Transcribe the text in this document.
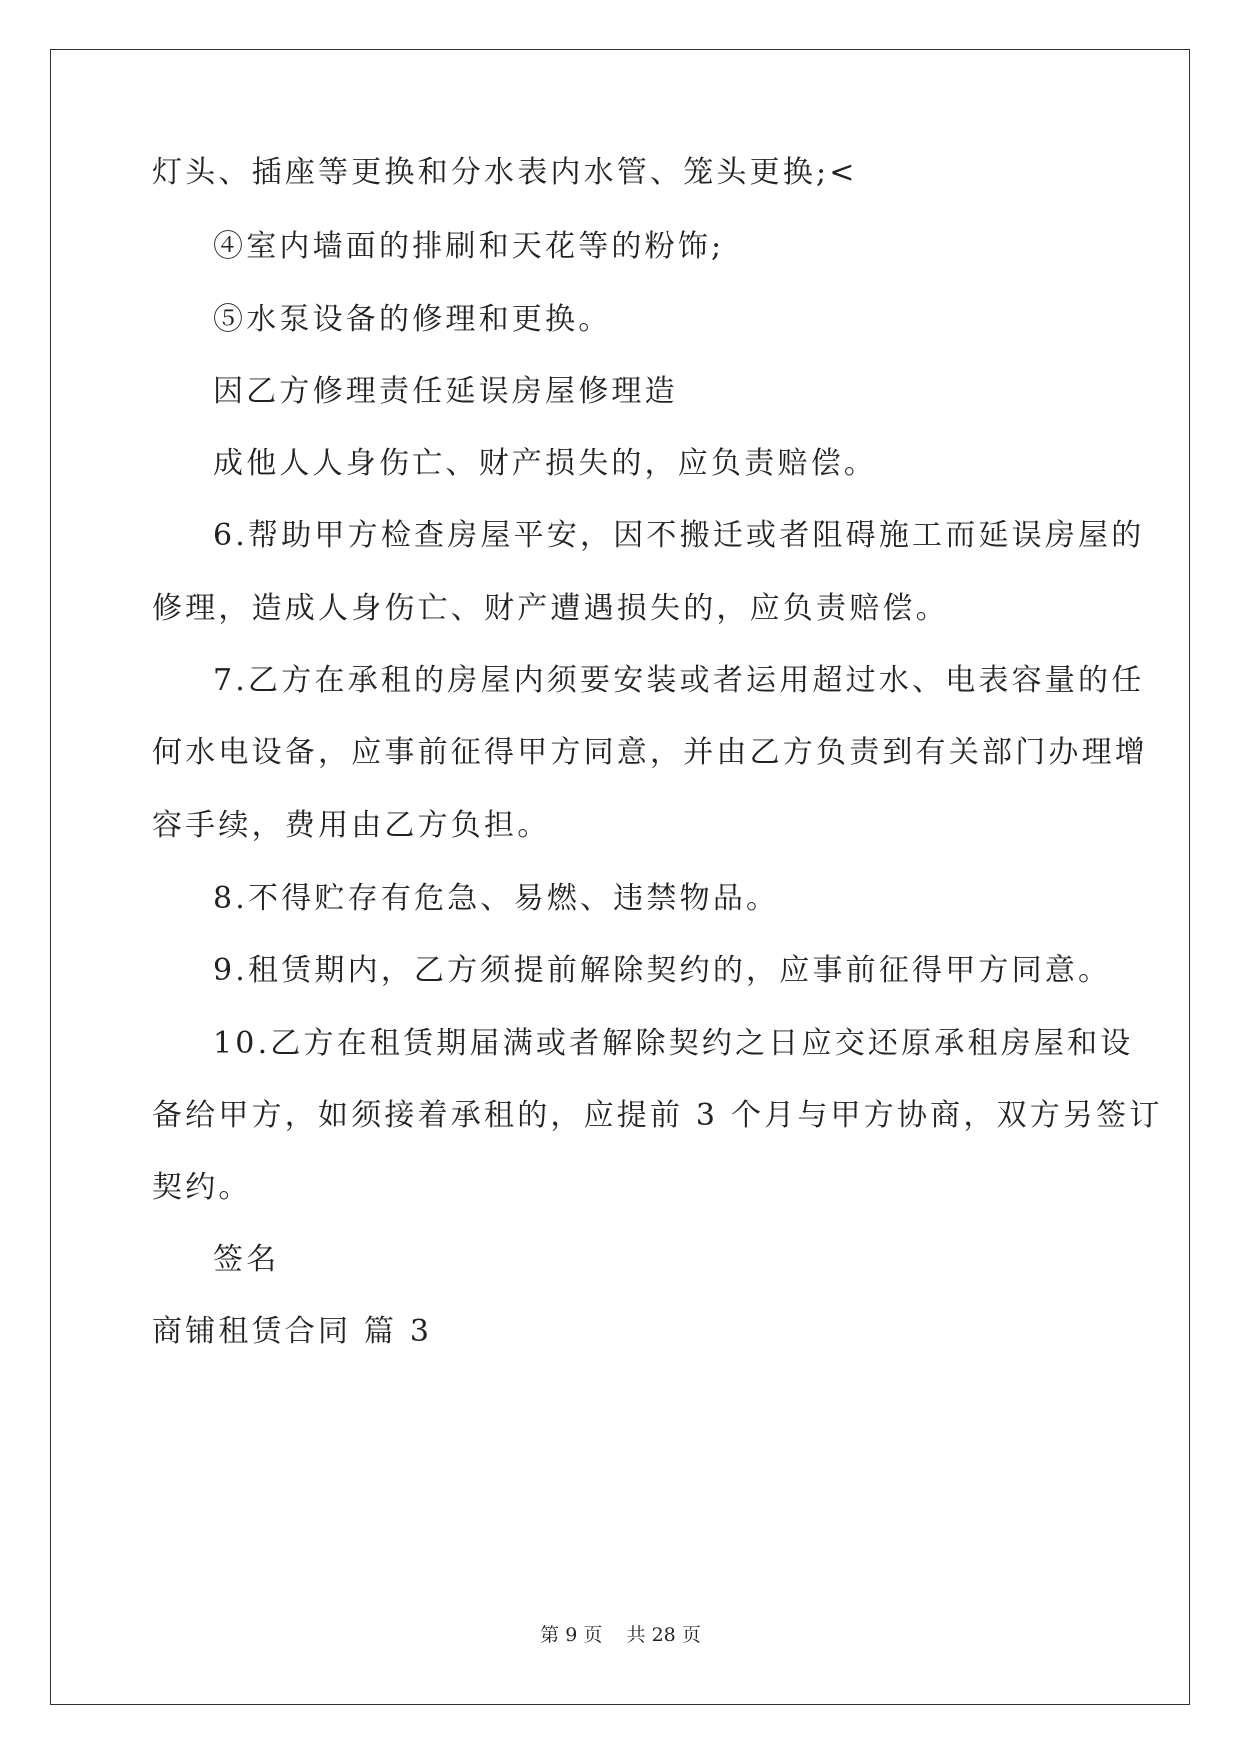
灯头、插座等更换和分水表内水管、笼头更换;<
④室内墙面的排刷和天花等的粉饰;
⑤水泵设备的修理和更换。
因乙方修理责任延误房屋修理造
成他人人身伤亡、财产损失的，应负责赔偿。
6.帮助甲方检查房屋平安，因不搬迁或者阻碍施工而延误房屋的
修理，造成人身伤亡、财产遭遇损失的，应负责赔偿。
7.乙方在承租的房屋内须要安装或者运用超过水、电表容量的任
何水电设备，应事前征得甲方同意，并由乙方负责到有关部门办理增
容手续，费用由乙方负担。
8.不得贮存有危急、易燃、违禁物品。
9.租赁期内，乙方须提前解除契约的，应事前征得甲方同意。
10.乙方在租赁期届满或者解除契约之日应交还原承租房屋和设
备给甲方，如须接着承租的，应提前 3 个月与甲方协商，双方另签订
契约。
签名
商铺租赁合同 篇 3
第 9 页 共 28 页
